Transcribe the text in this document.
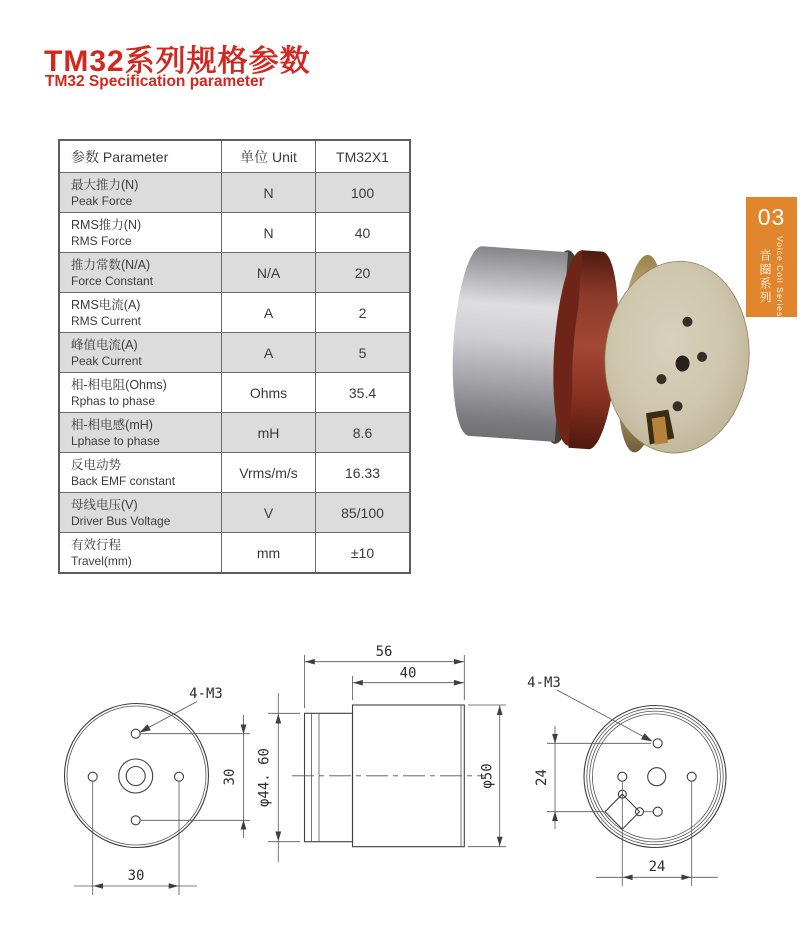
TM32系列规格参数
TM32 Specification parameter
参数 Parameter	单位 Unit	TM32X1

最大推力(N)
Peak Force	N	100

RMS推力(N)
RMS Force	N	40

推力常数(N/A)
Force Constant	N/A	20

RMS电流(A)
RMS Current	A	2

峰值电流(A)
Peak Current	A	5

相-相电阻(Ohms)
Rphas to phase	Ohms	35.4

相-相电感(mH)
Lphase to phase	mH	8.6

反电动势
Back EMF constant	Vrms/m/s	16.33

母线电压(V)
Driver Bus Voltage	V	85/100

有效行程
Travel(mm)	mm	±10
03
音圈系列 Voice Coil Series
4-M3
30
30
56
40
φ44. 60	φ50
4-M3
24
24
